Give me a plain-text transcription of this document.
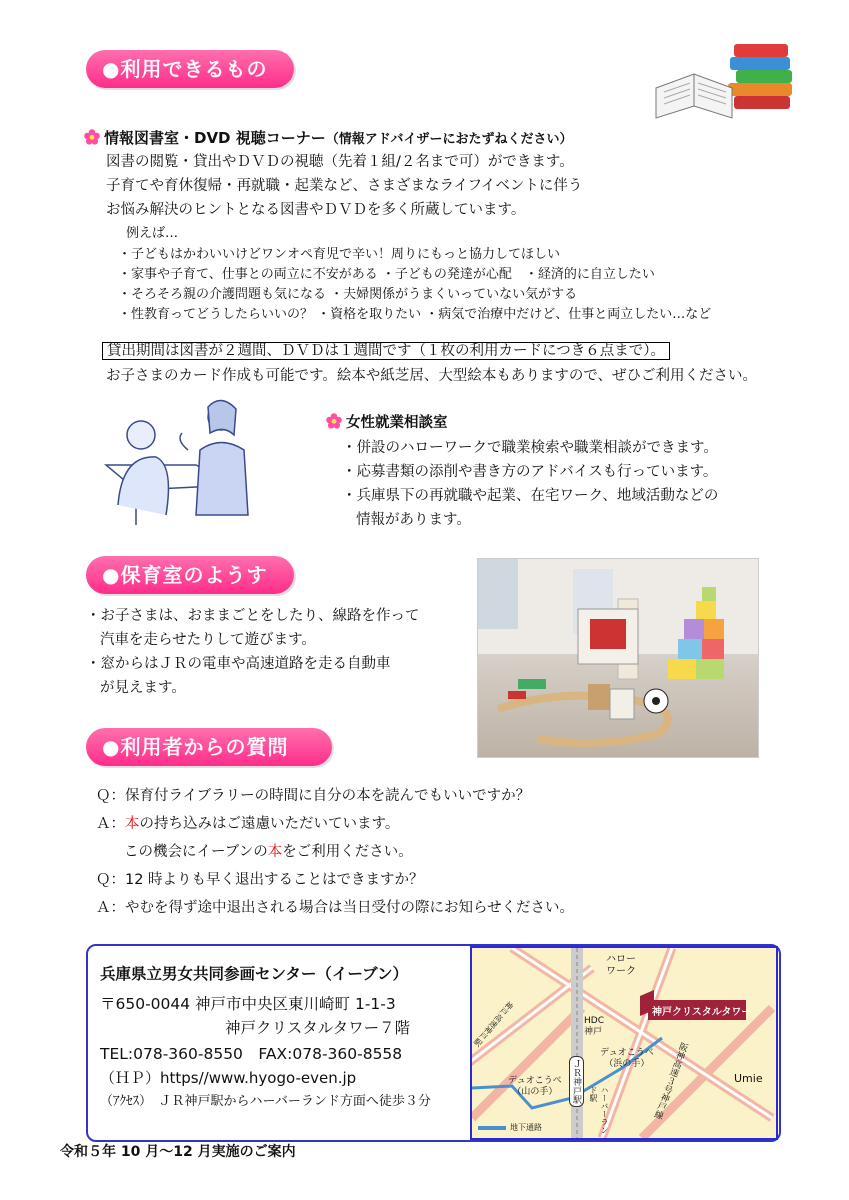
●利用できるもの
情報図書室・DVD 視聴コーナー（情報アドバイザーにおたずねください）
図書の閲覧・貸出やＤＶＤの視聴（先着１組/２名まで可）ができます。
子育てや育休復帰・再就職・起業など、さまざまなライフイベントに伴う
お悩み解決のヒントとなる図書やＤＶＤを多く所蔵しています。
例えば…
・子どもはかわいいけどワンオペ育児で辛い！周りにもっと協力してほしい
・家事や子育て、仕事との両立に不安がある ・子どもの発達が心配　・経済的に自立したい
・そろそろ親の介護問題も気になる ・夫婦関係がうまくいっていない気がする
・性教育ってどうしたらいいの？ ・資格を取りたい ・病気で治療中だけど、仕事と両立したい…など
貸出期間は図書が２週間、ＤＶＤは１週間です（１枚の利用カードにつき６点まで）。
お子さまのカード作成も可能です。絵本や紙芝居、大型絵本もありますので、ぜひご利用ください。
女性就業相談室
・併設のハローワークで職業検索や職業相談ができます。
・応募書類の添削や書き方のアドバイスも行っています。
・兵庫県下の再就職や起業、在宅ワーク、地域活動などの
情報があります。
●保育室のようす
・お子さまは、おままごとをしたり、線路を作って
汽車を走らせたりして遊びます。
・窓からはＪＲの電車や高速道路を走る自動車
が見えます。
●利用者からの質問
Ｑ：保育付ライブラリーの時間に自分の本を読んでもいいですか？
Ａ：本の持ち込みはご遠慮いただいています。
この機会にイーブンの本をご利用ください。
Ｑ：12 時よりも早く退出することはできますか？
Ａ：やむを得ず途中退出される場合は当日受付の際にお知らせください。
兵庫県立男女共同参画センター（イーブン）
〒650-0044 神戸市中央区東川崎町 1-1-3
神戸クリスタルタワー７階
TEL:078-360-8550　FAX:078-360-8558
（ＨＰ）https//www.hyogo-even.jp
（ｱｸｾｽ）　 ＪＲ神戸駅からハーバーランド方面へ徒歩３分
ハロー
ワーク
神戸クリスタルタワー
HDC
神戸
デュオこうべ
（浜の手）
デュオこうべ
（山の手）	ＪＲ神戸駅
ハーバーランド駅
Umie
阪神高速３号神戸線
神戸高速神戸駅
地下通路
令和５年 10 月～12 月実施のご案内
